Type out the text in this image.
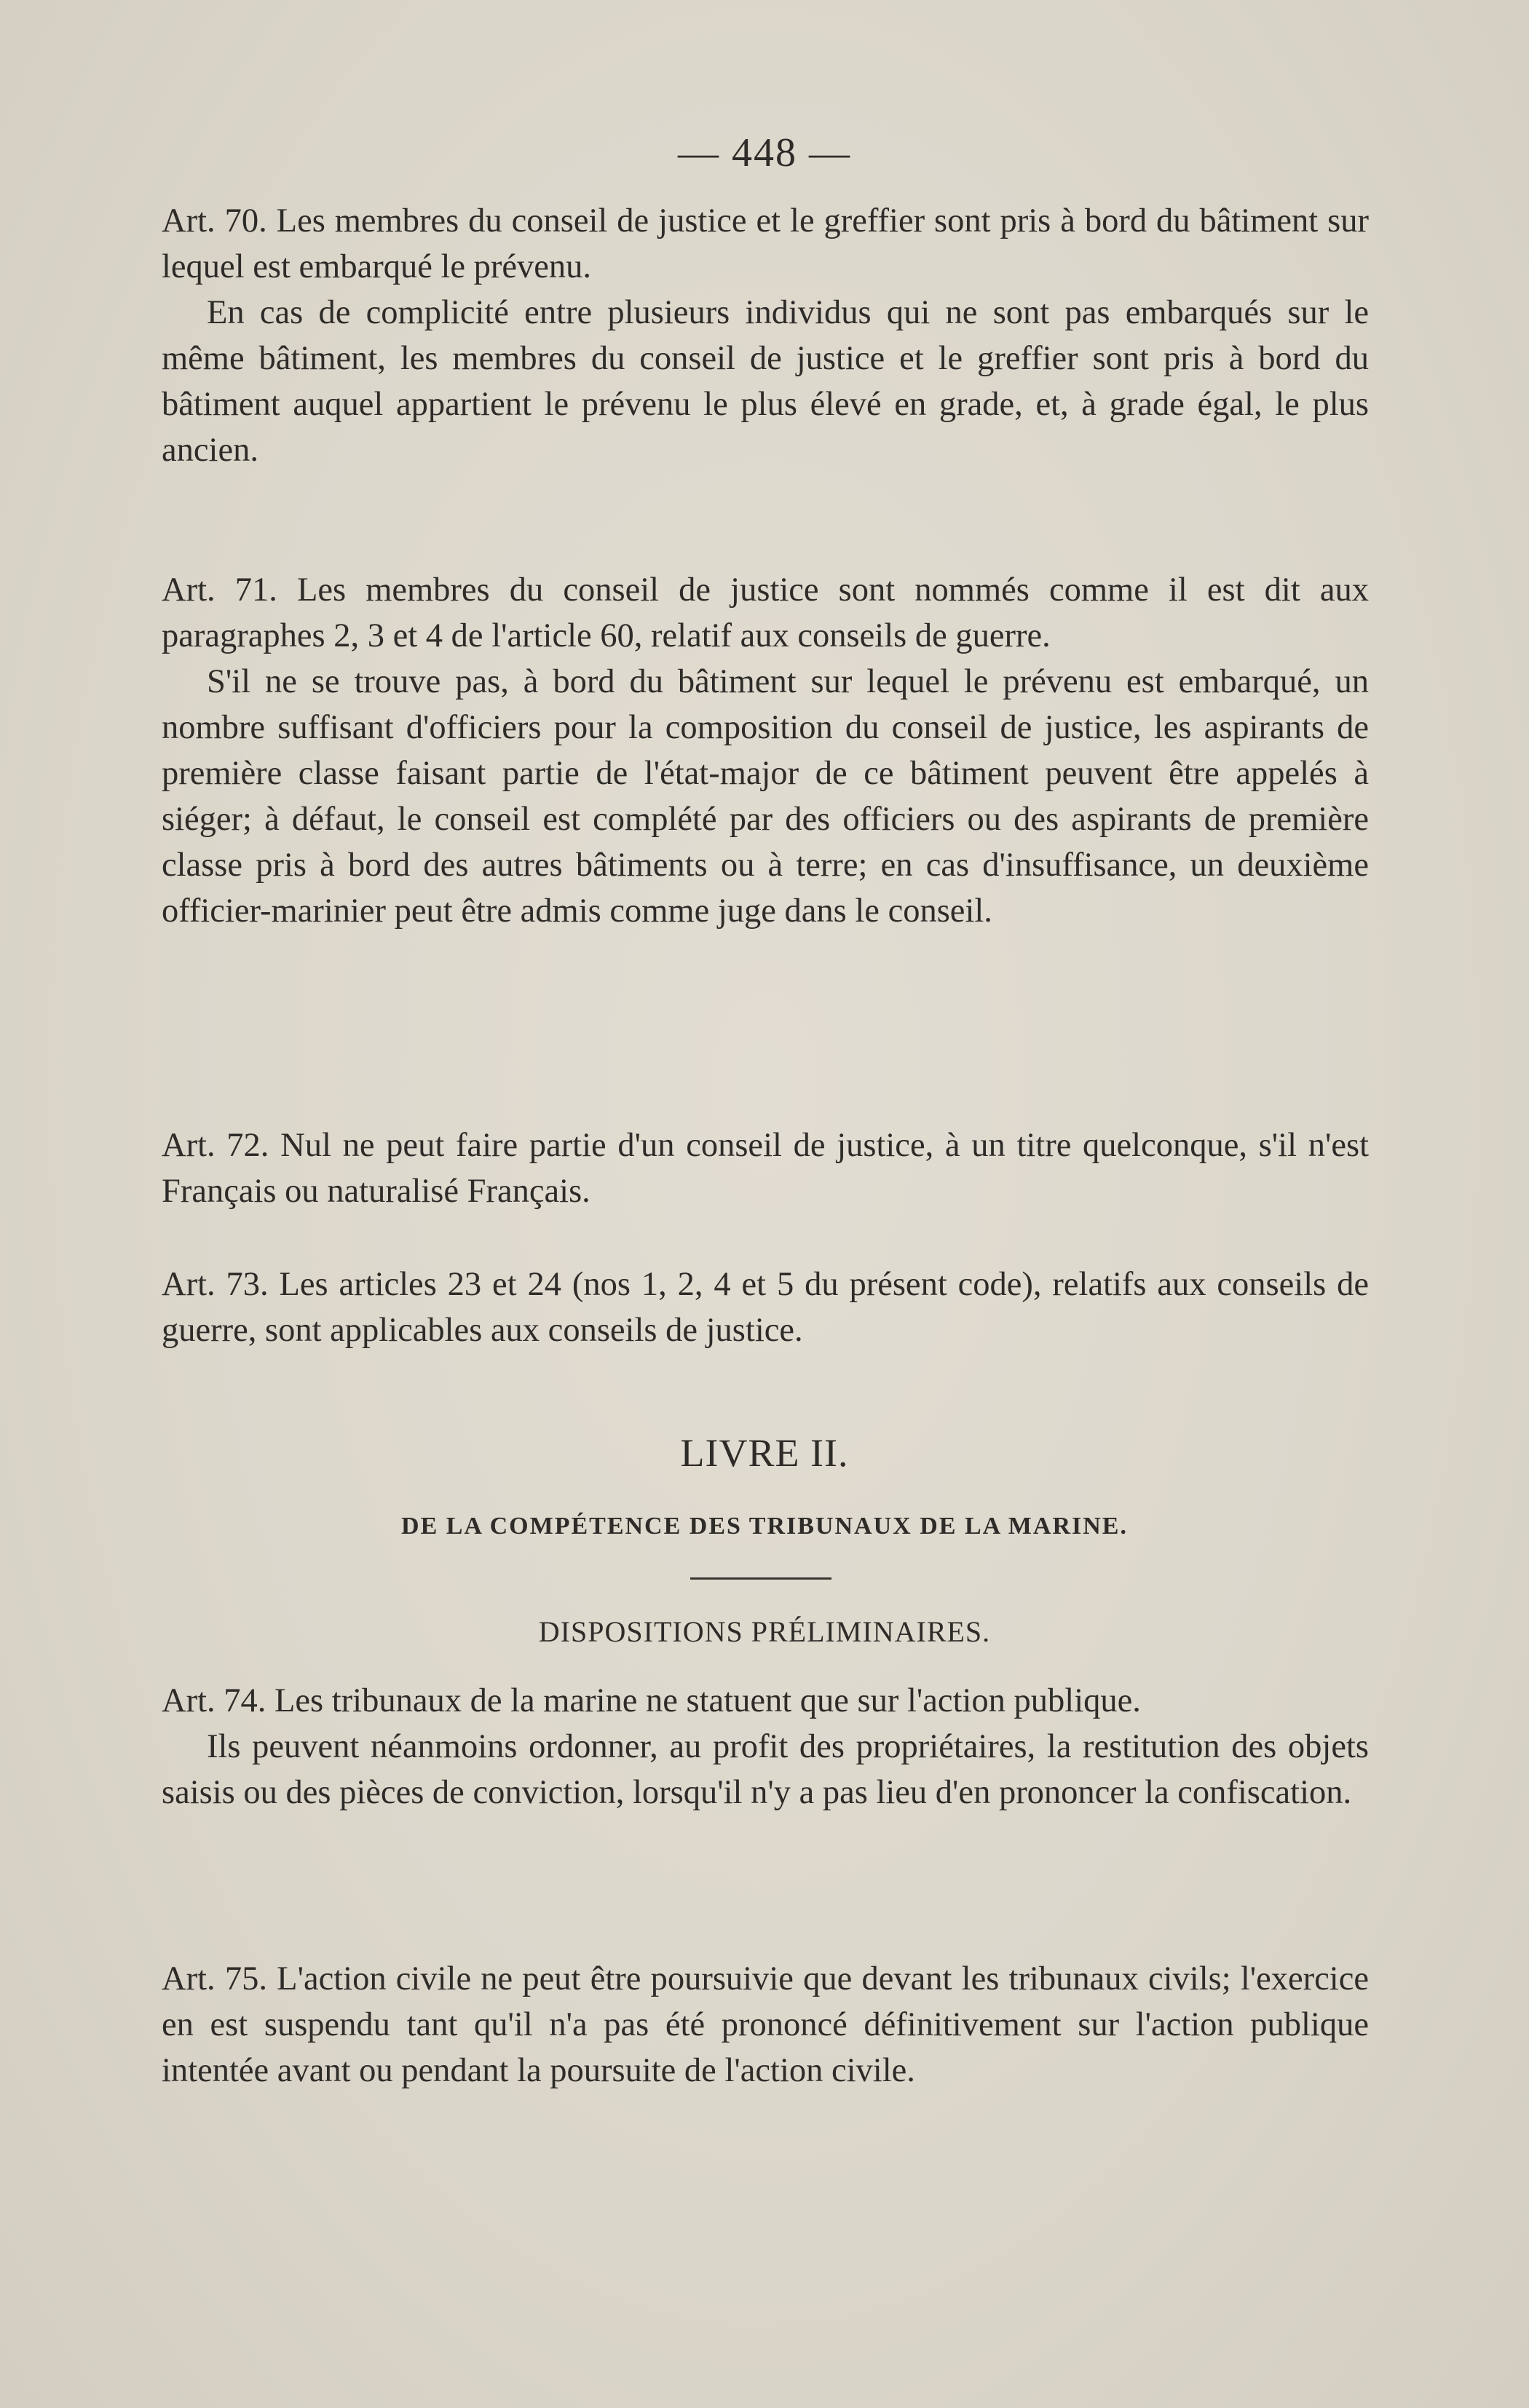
— 448 —

Art. 70. Les membres du conseil de justice et le greffier sont pris à bord du bâtiment sur lequel est embarqué le prévenu.

En cas de complicité entre plusieurs individus qui ne sont pas embarqués sur le même bâtiment, les membres du conseil de justice et le greffier sont pris à bord du bâtiment auquel appartient le prévenu le plus élevé en grade, et, à grade égal, le plus ancien.

Art. 71. Les membres du conseil de justice sont nommés comme il est dit aux paragraphes 2, 3 et 4 de l'article 60, relatif aux conseils de guerre.

S'il ne se trouve pas, à bord du bâtiment sur lequel le prévenu est embarqué, un nombre suffisant d'officiers pour la composition du conseil de justice, les aspirants de première classe faisant partie de l'état-major de ce bâtiment peuvent être appelés à siéger; à défaut, le conseil est complété par des officiers ou des aspirants de première classe pris à bord des autres bâtiments ou à terre; en cas d'insuffisance, un deuxième officier-marinier peut être admis comme juge dans le conseil.

Art. 72. Nul ne peut faire partie d'un conseil de justice, à un titre quelconque, s'il n'est Français ou naturalisé Français.

Art. 73. Les articles 23 et 24 (nos 1, 2, 4 et 5 du présent code), relatifs aux conseils de guerre, sont applicables aux conseils de justice.

LIVRE II.
DE LA COMPÉTENCE DES TRIBUNAUX DE LA MARINE.
DISPOSITIONS PRÉLIMINAIRES.

Art. 74. Les tribunaux de la marine ne statuent que sur l'action publique.

Ils peuvent néanmoins ordonner, au profit des propriétaires, la restitution des objets saisis ou des pièces de conviction, lorsqu'il n'y a pas lieu d'en prononcer la confiscation.

Art. 75. L'action civile ne peut être poursuivie que devant les tribunaux civils; l'exercice en est suspendu tant qu'il n'a pas été prononcé définitivement sur l'action publique intentée avant ou pendant la poursuite de l'action civile.
